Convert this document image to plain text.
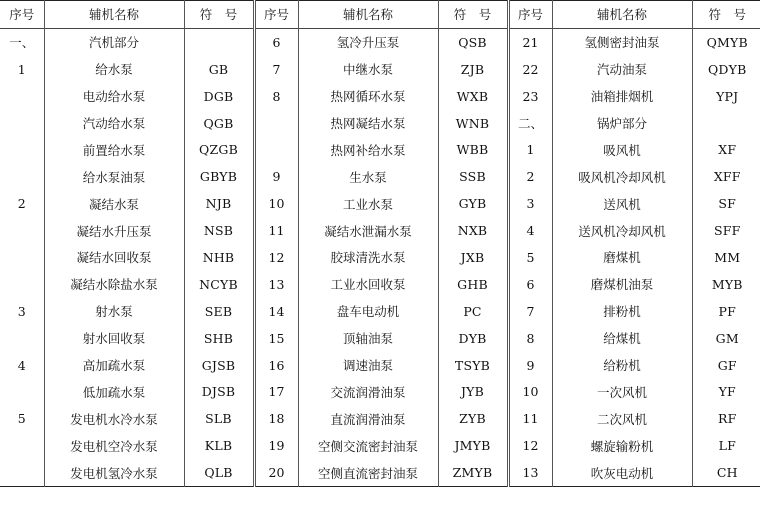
序号	辅机名称	符　号	序号	辅机名称	符　号	序号	辅机名称	符　号
一、	汽机部分		6	氢冷升压泵	QSB	21	氢侧密封油泵	QMYB
1	给水泵	GB	7	中继水泵	ZJB	22	汽动油泵	QDYB
	电动给水泵	DGB	8	热网循环水泵	WXB	23	油箱排烟机	YPJ
	汽动给水泵	QGB		热网凝结水泵	WNB	二、	锅炉部分	
	前置给水泵	QZGB		热网补给水泵	WBB	1	吸风机	XF
	给水泵油泵	GBYB	9	生水泵	SSB	2	吸风机冷却风机	XFF
2	凝结水泵	NJB	10	工业水泵	GYB	3	送风机	SF
	凝结水升压泵	NSB	11	凝结水泄漏水泵	NXB	4	送风机冷却风机	SFF
	凝结水回收泵	NHB	12	胶球清洗水泵	JXB	5	磨煤机	MM
	凝结水除盐水泵	NCYB	13	工业水回收泵	GHB	6	磨煤机油泵	MYB
3	射水泵	SEB	14	盘车电动机	PC	7	排粉机	PF
	射水回收泵	SHB	15	顶轴油泵	DYB	8	给煤机	GM
4	高加疏水泵	GJSB	16	调速油泵	TSYB	9	给粉机	GF
	低加疏水泵	DJSB	17	交流润滑油泵	JYB	10	一次风机	YF
5	发电机水冷水泵	SLB	18	直流润滑油泵	ZYB	11	二次风机	RF
	发电机空冷水泵	KLB	19	空侧交流密封油泵	JMYB	12	螺旋输粉机	LF
	发电机氢冷水泵	QLB	20	空侧直流密封油泵	ZMYB	13	吹灰电动机	CH
